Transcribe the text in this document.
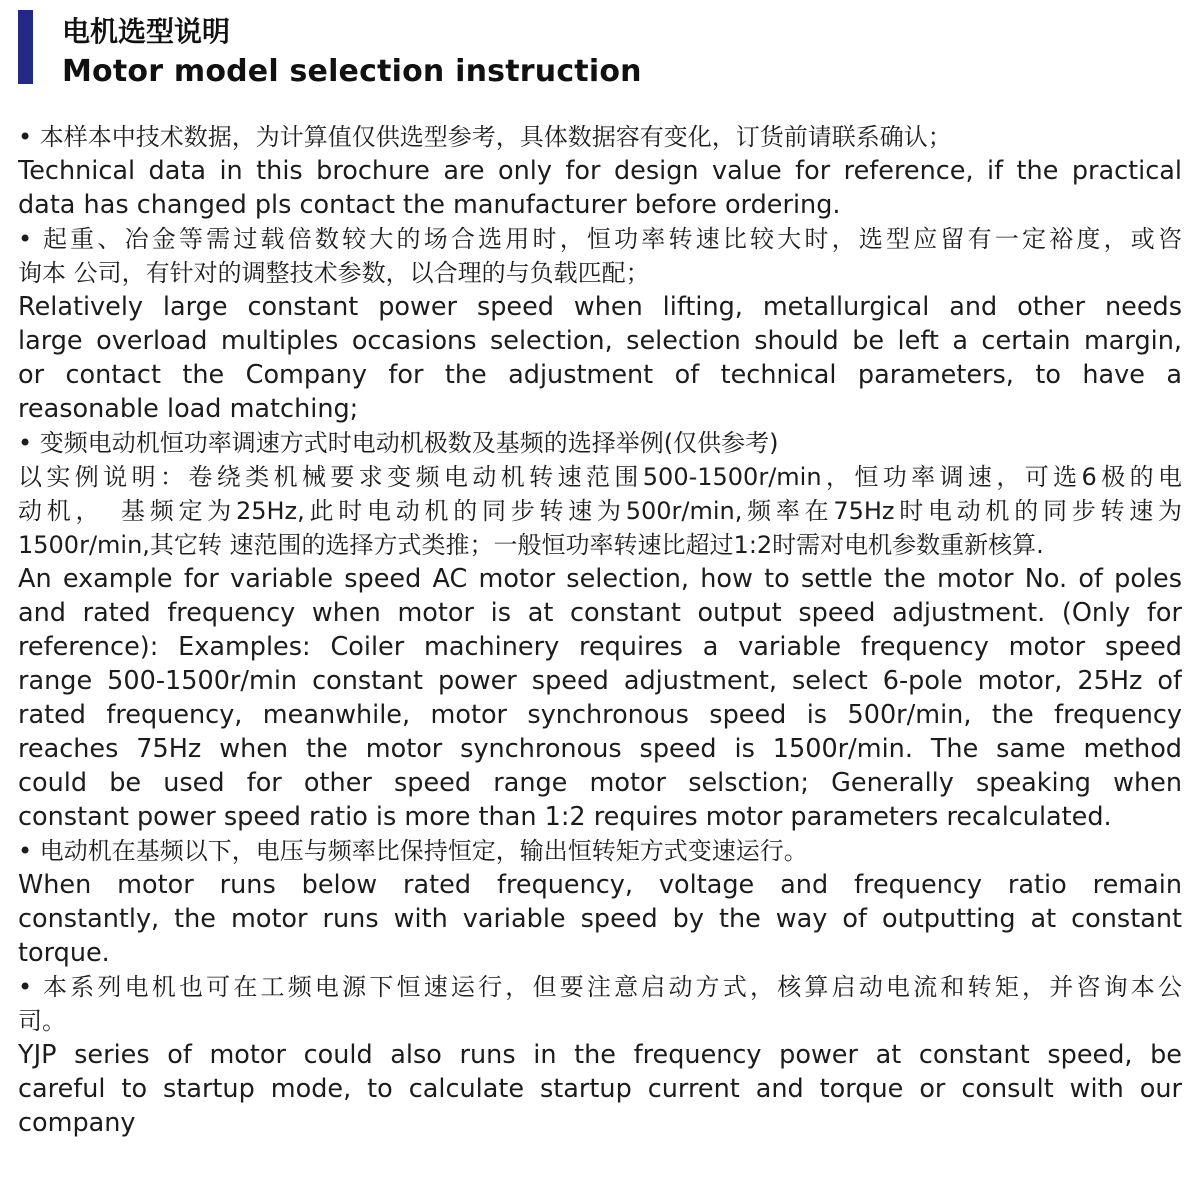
电机选型说明
Motor model selection instruction
• 本样本中技术数据，为计算值仅供选型参考，具体数据容有变化，订货前请联系确认；
Technical data in this brochure are only for design value for reference, if the practical
data has changed pls contact the manufacturer before ordering.
• 起重、冶金等需过载倍数较大的场合选用时，恒功率转速比较大时，选型应留有一定裕度，或咨
询本 公司，有针对的调整技术参数，以合理的与负载匹配；
Relatively large constant power speed when lifting, metallurgical and other needs
large overload multiples occasions selection, selection should be left a certain margin,
or contact the Company for the adjustment of technical parameters, to have a
reasonable load matching;
• 变频电动机恒功率调速方式时电动机极数及基频的选择举例(仅供参考)
以实例说明：卷绕类机械要求变频电动机转速范围500-1500r/min，恒功率调速，可选6极的电
动机，　基频定为25Hz,此时电动机的同步转速为500r/min,频率在75Hz时电动机的同步转速为
1500r/min,其它转 速范围的选择方式类推；一般恒功率转速比超过1:2时需对电机参数重新核算.
An example for variable speed AC motor selection, how to settle the motor No. of poles
and rated frequency when motor is at constant output speed adjustment. (Only for
reference): Examples: Coiler machinery requires a variable frequency motor speed
range 500-1500r/min constant power speed adjustment, select 6-pole motor, 25Hz of
rated frequency, meanwhile, motor synchronous speed is 500r/min, the frequency
reaches 75Hz when the motor synchronous speed is 1500r/min. The same method
could be used for other speed range motor selsction; Generally speaking when
constant power speed ratio is more than 1:2 requires motor parameters recalculated.
• 电动机在基频以下，电压与频率比保持恒定，输出恒转矩方式变速运行。
When motor runs below rated frequency, voltage and frequency ratio remain
constantly, the motor runs with variable speed by the way of outputting at constant
torque.
• 本系列电机也可在工频电源下恒速运行，但要注意启动方式，核算启动电流和转矩，并咨询本公
司。
YJP series of motor could also runs in the frequency power at constant speed, be
careful to startup mode, to calculate startup current and torque or consult with our
company
